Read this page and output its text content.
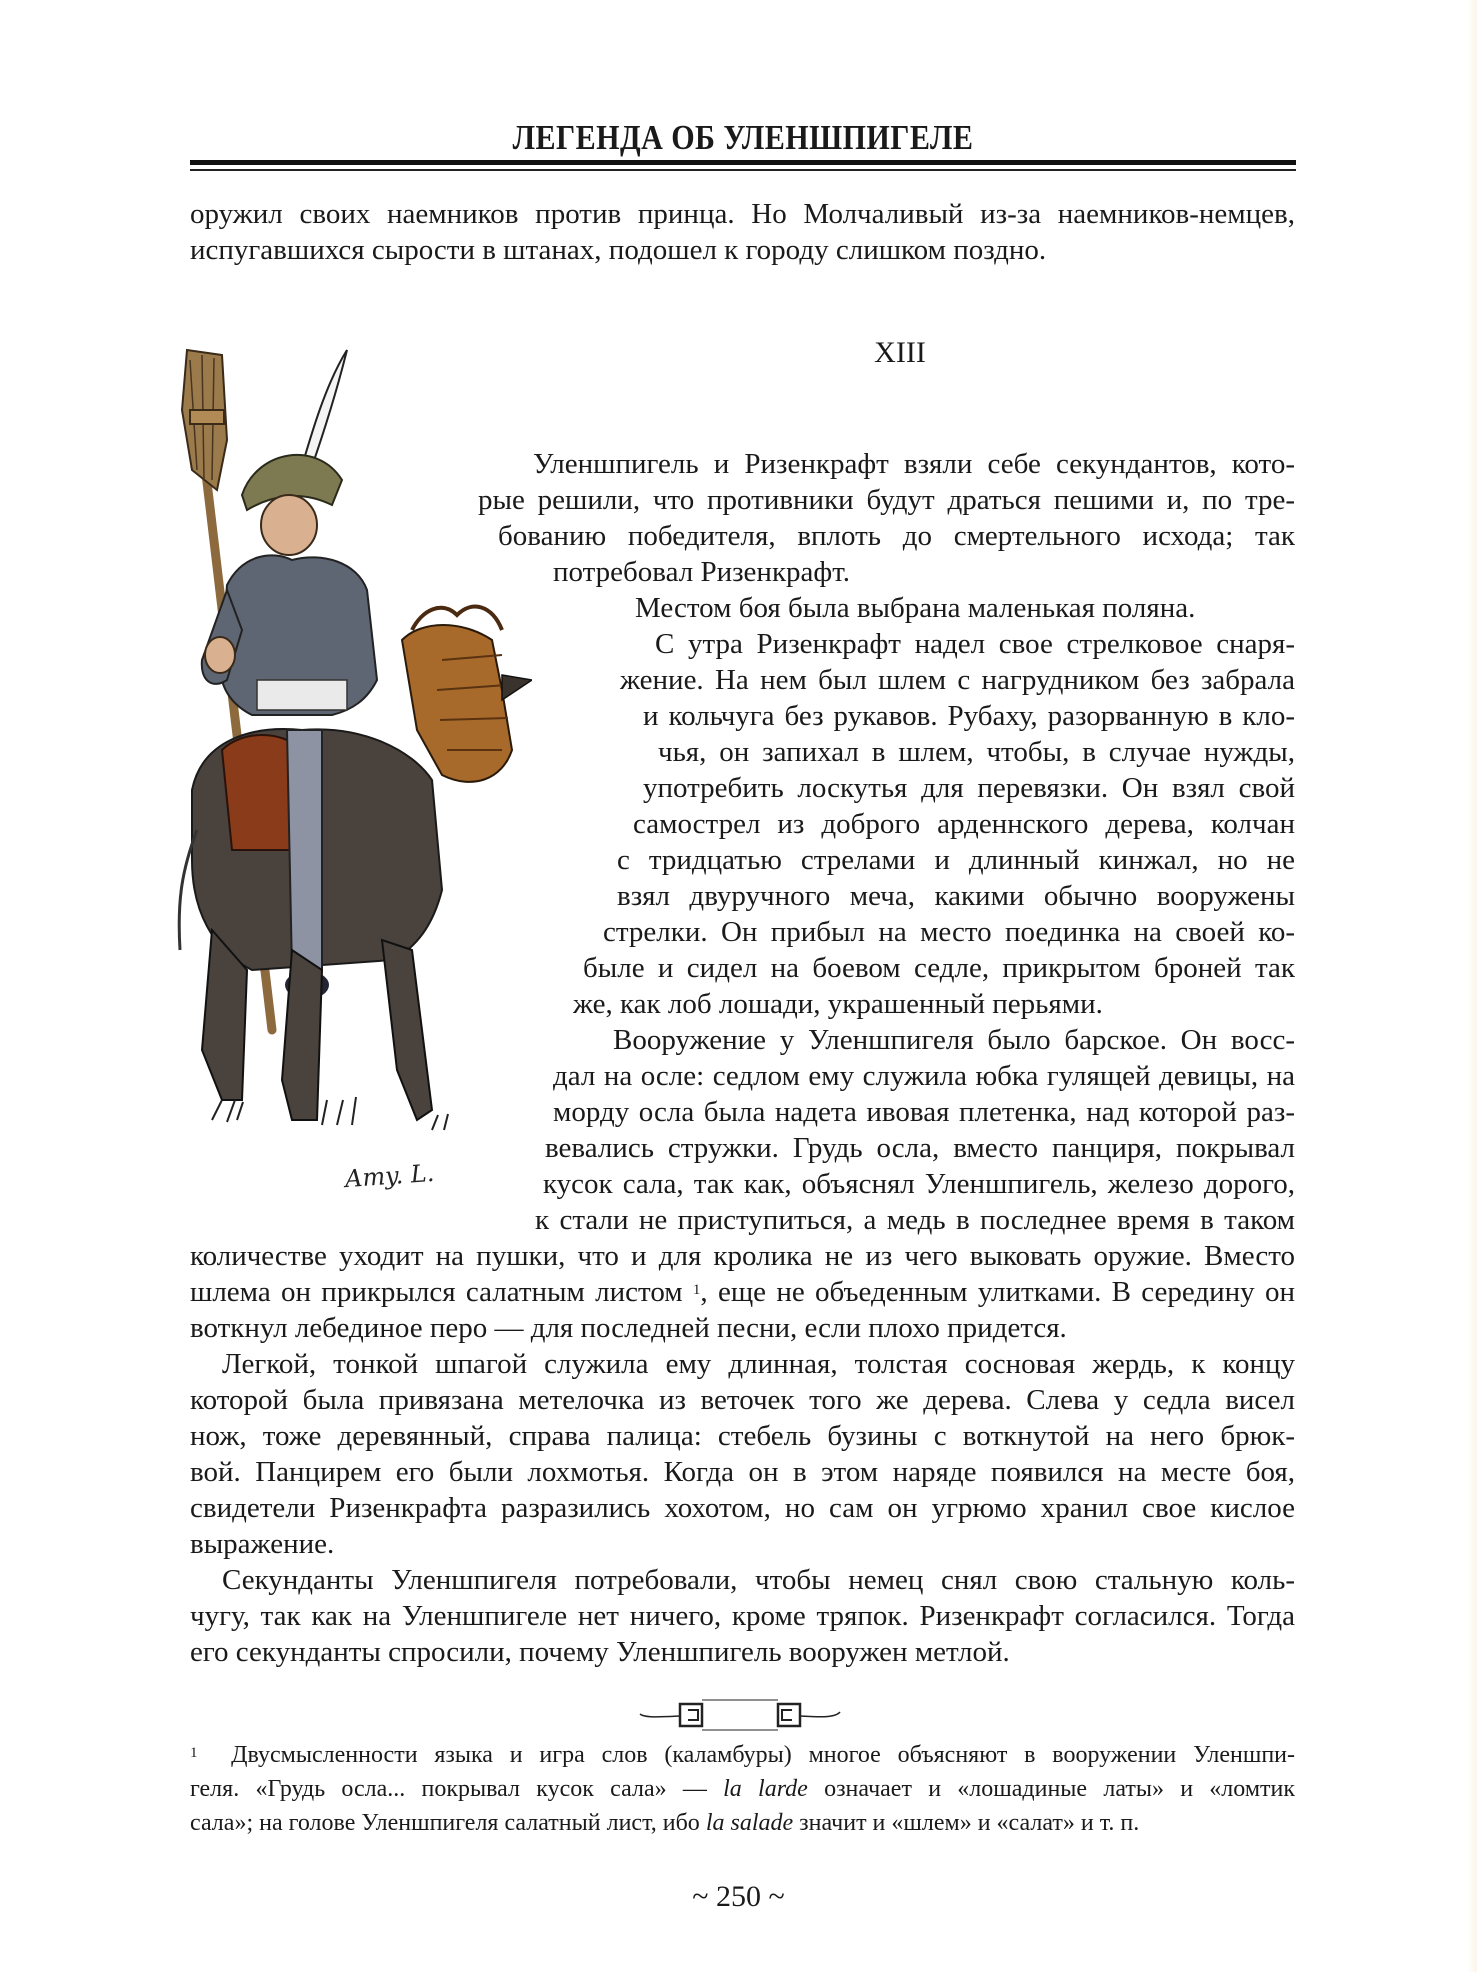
ЛЕГЕНДА ОБ УЛЕНШПИГЕЛЕ
оружил своих наемников против принца. Но Молчаливый из-за наемников-немцев,
испугавшихся сырости в штанах, подошел к городу слишком поздно.
XIII
Amy. L.
Уленшпигель и Ризенкрафт взяли себе секундантов, кото-
рые решили, что противники будут драться пешими и, по тре-
бованию победителя, вплоть до смертельного исхода; так
потребовал Ризенкрафт.
Местом боя была выбрана маленькая поляна.
С утра Ризенкрафт надел свое стрелковое снаря-
жение. На нем был шлем с нагрудником без забрала
и кольчуга без рукавов. Рубаху, разорванную в кло-
чья, он запихал в шлем, чтобы, в случае нужды,
употребить лоскутья для перевязки. Он взял свой
самострел из доброго арденнского дерева, колчан
с тридцатью стрелами и длинный кинжал, но не
взял двуручного меча, какими обычно вооружены
стрелки. Он прибыл на место поединка на своей ко-
быле и сидел на боевом седле, прикрытом броней так
же, как лоб лошади, украшенный перьями.
Вооружение у Уленшпигеля было барское. Он восс-
дал на осле: седлом ему служила юбка гулящей девицы, на
морду осла была надета ивовая плетенка, над которой раз-
вевались стружки. Грудь осла, вместо панциря, покрывал
кусок сала, так как, объяснял Уленшпигель, железо дорого,
к стали не приступиться, а медь в последнее время в таком
количестве уходит на пушки, что и для кролика не из чего выковать оружие. Вместо
шлема он прикрылся салатным листом $^1$, еще не объеденным улитками. В середину он
воткнул лебединое перо — для последней песни, если плохо придется.
Легкой, тонкой шпагой служила ему длинная, толстая сосновая жердь, к концу
которой была привязана метелочка из веточек того же дерева. Слева у седла висел
нож, тоже деревянный, справа палица: стебель бузины с воткнутой на него брюк-
вой. Панцирем его были лохмотья. Когда он в этом наряде появился на месте боя,
свидетели Ризенкрафта разразились хохотом, но сам он угрюмо хранил свое кислое
выражение.
Секунданты Уленшпигеля потребовали, чтобы немец снял свою стальную коль-
чугу, так как на Уленшпигеле нет ничего, кроме тряпок. Ризенкрафт согласился. Тогда
его секунданты спросили, почему Уленшпигель вооружен метлой.
$^1$ Двусмысленности языка и игра слов (каламбуры) многое объясняют в вооружении Уленшпи-
геля. «Грудь осла... покрывал кусок сала» — la larde означает и «лошадиные латы» и «ломтик
сала»; на голове Уленшпигеля салатный лист, ибо la salade значит и «шлем» и «салат» и т. п.
~ 250 ~
